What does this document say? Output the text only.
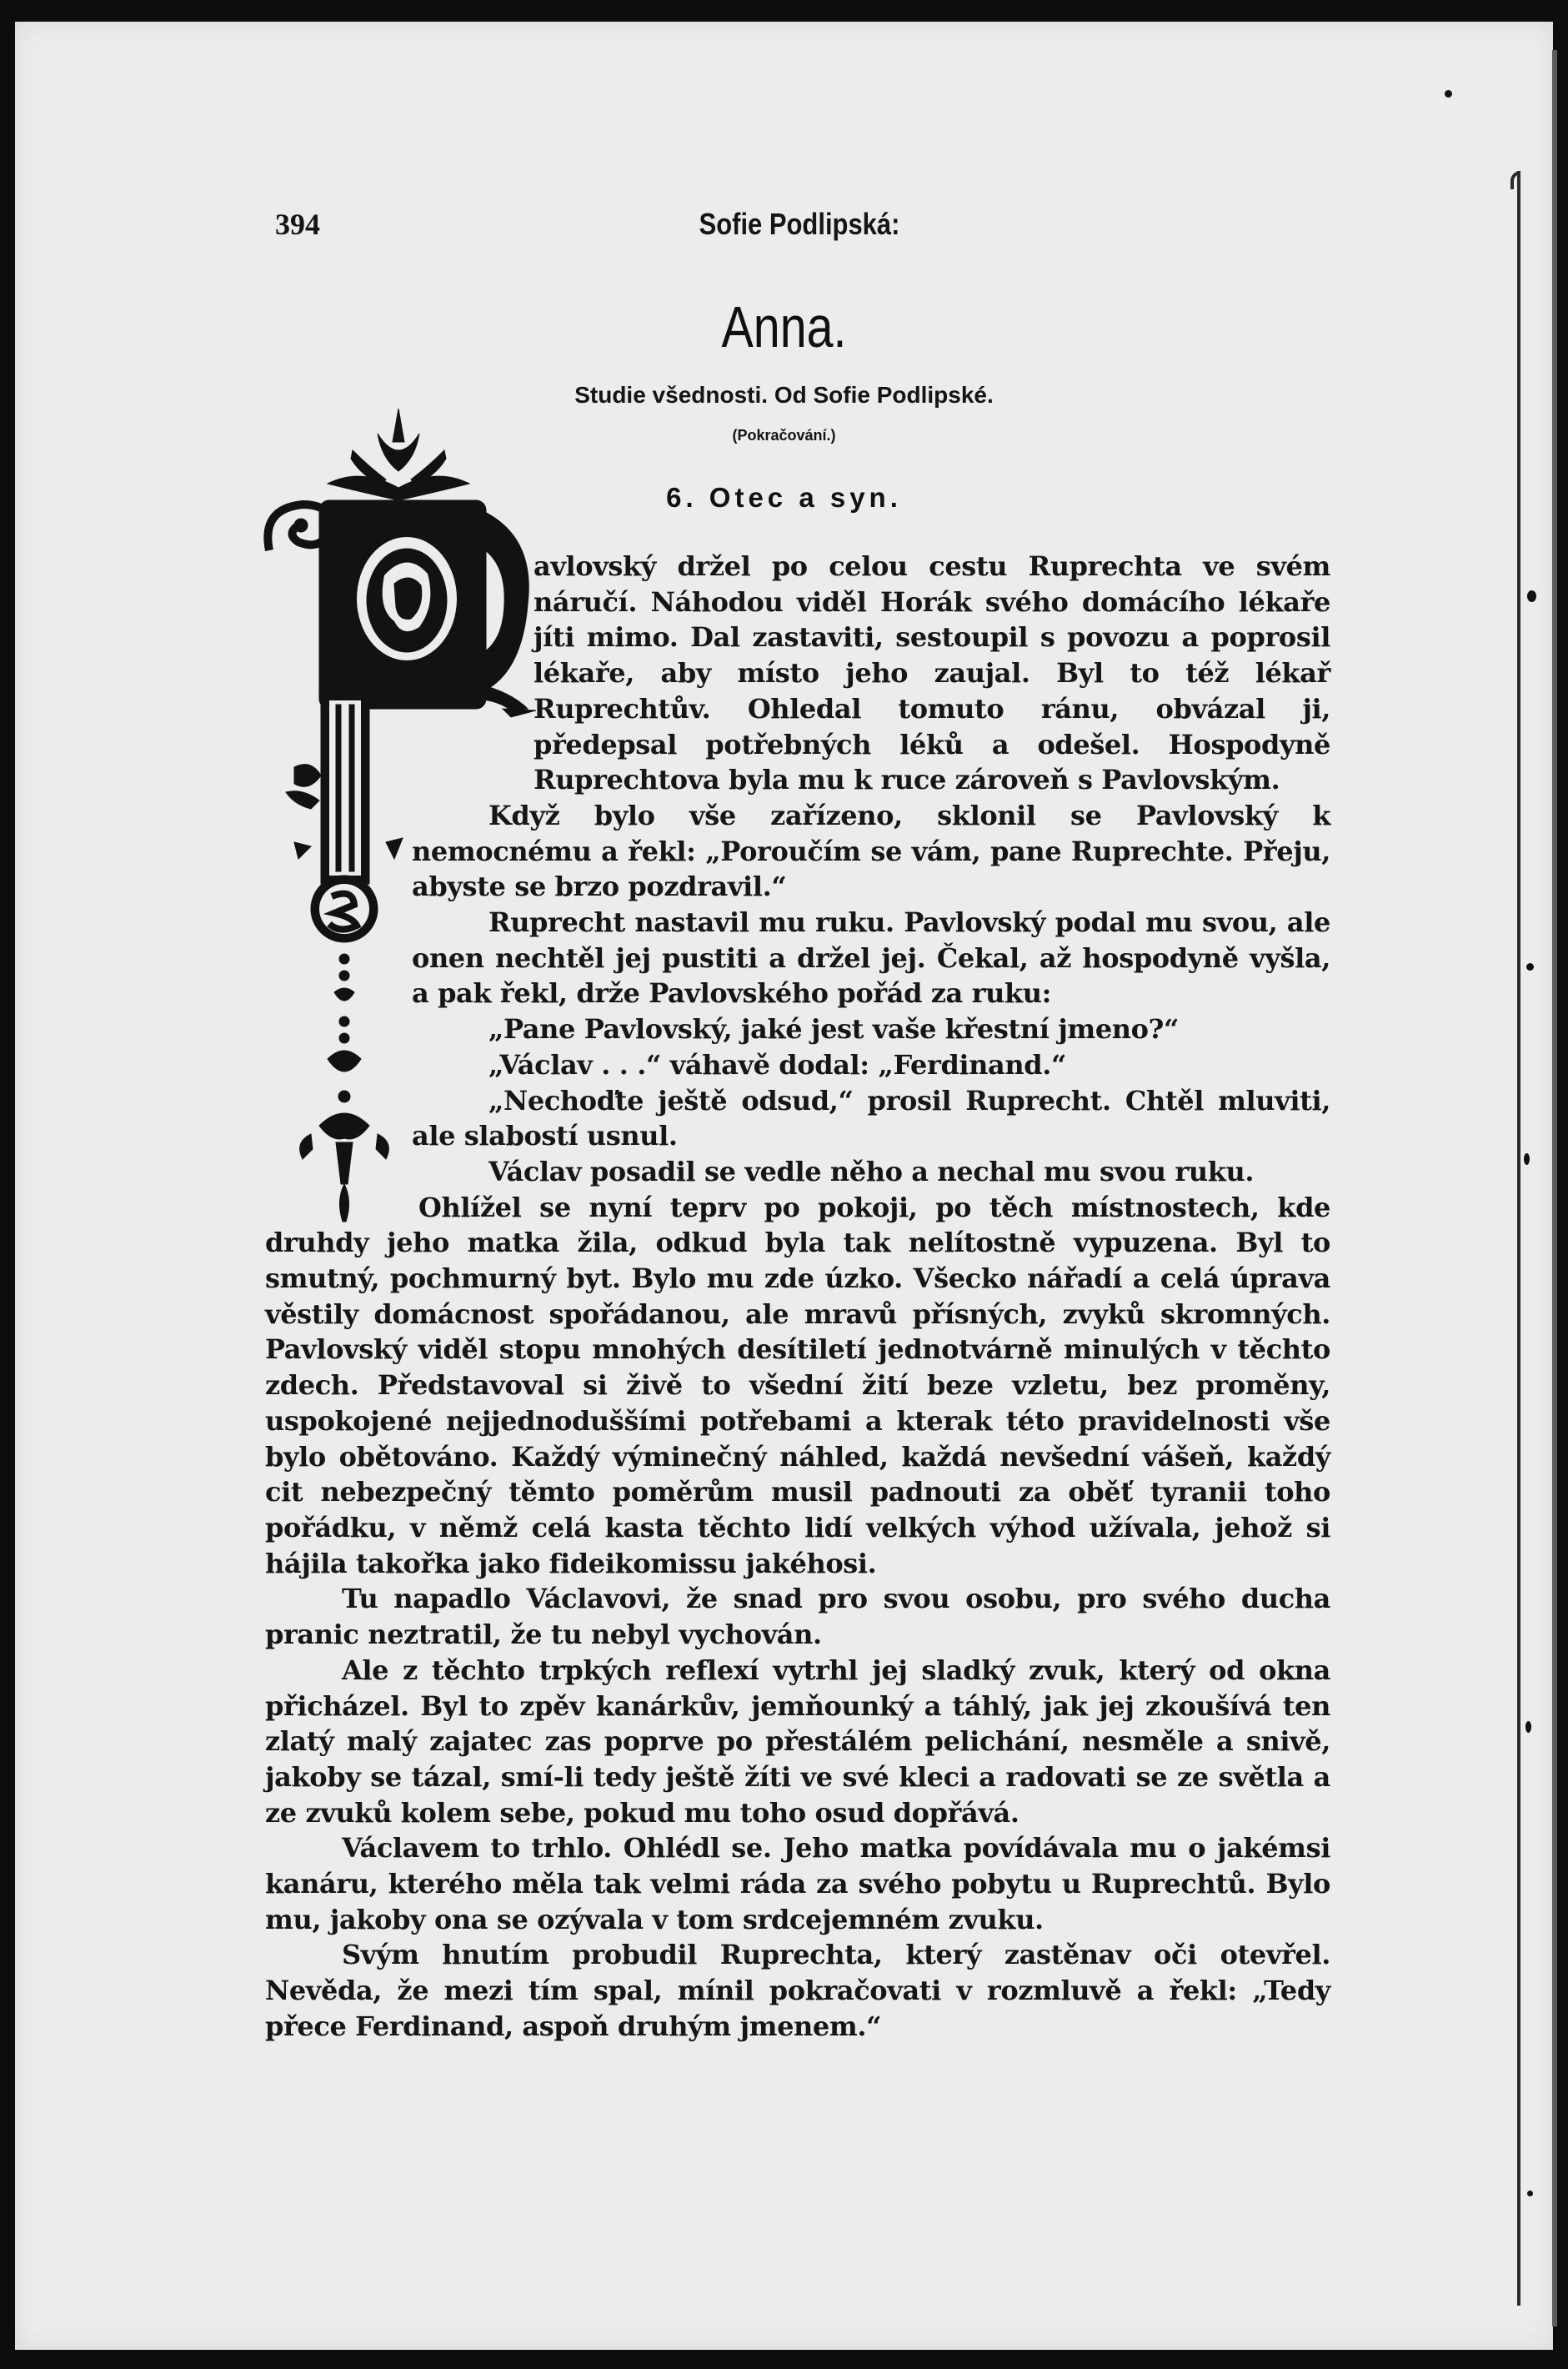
394	Sofie Podlipská:
Anna.
Studie všednosti. Od Sofie Podlipské.
(Pokračování.)
6. Otec a syn.

avlovský držel po celou cestu Ruprechta ve svém náručí. Náhodou viděl Horák svého domácího lékaře jíti mimo. Dal zastaviti, sestoupil s povozu a poprosil lékaře, aby místo jeho zaujal. Byl to též lékař Ruprechtův. Ohledal tomuto ránu, obvázal ji, předepsal potřebných léků a odešel. Hospodyně Ruprechtova byla mu k ruce zároveň s Pavlovským.

Když bylo vše zařízeno, sklonil se Pavlovský k nemocnému a řekl: „Poroučím se vám, pane Ruprechte. Přeju, abyste se brzo pozdravil.“

Ruprecht nastavil mu ruku. Pavlovský podal mu svou, ale onen nechtěl jej pustiti a držel jej. Čekal, až hospodyně vyšla, a pak řekl, drže Pavlovského pořád za ruku:

„Pane Pavlovský, jaké jest vaše křestní jmeno?“

„Václav . . .“ váhavě dodal: „Ferdinand.“

„Nechoďte ještě odsud,“ prosil Ruprecht. Chtěl mluviti, ale slabostí usnul.

Václav posadil se vedle něho a nechal mu svou ruku.

Ohlížel se nyní teprv po pokoji, po těch místnostech, kde druhdy jeho matka žila, odkud byla tak nelítostně vypuzena. Byl to smutný, pochmurný byt. Bylo mu zde úzko. Všecko nářadí a celá úprava věstily domácnost spořádanou, ale mravů přísných, zvyků skromných. Pavlovský viděl stopu mnohých desítiletí jednotvárně minulých v těchto zdech. Představoval si živě to všední žití beze vzletu, bez proměny, uspokojené nejjednoduššími potřebami a kterak této pravidelnosti vše bylo obětováno. Každý výminečný náhled, každá nevšední vášeň, každý cit nebezpečný těmto poměrům musil padnouti za oběť tyranii toho pořádku, v němž celá kasta těchto lidí velkých výhod užívala, jehož si hájila takořka jako fideikomissu jakéhosi.

Tu napadlo Václavovi, že snad pro svou osobu, pro svého ducha pranic neztratil, že tu nebyl vychován.

Ale z těchto trpkých reflexí vytrhl jej sladký zvuk, který od okna přicházel. Byl to zpěv kanárkův, jemňounký a táhlý, jak jej zkoušívá ten zlatý malý zajatec zas poprve po přestálém pelichání, nesměle a snivě, jakoby se tázal, smí-li tedy ještě žíti ve své kleci a radovati se ze světla a ze zvuků kolem sebe, pokud mu toho osud dopřává.

Václavem to trhlo. Ohlédl se. Jeho matka povídávala mu o jakémsi kanáru, kterého měla tak velmi ráda za svého pobytu u Ruprechtů. Bylo mu, jakoby ona se ozývala v tom srdcejemném zvuku.

Svým hnutím probudil Ruprechta, který zastěnav oči otevřel. Nevěda, že mezi tím spal, mínil pokračovati v rozmluvě a řekl: „Tedy přece Ferdinand, aspoň druhým jmenem.“
